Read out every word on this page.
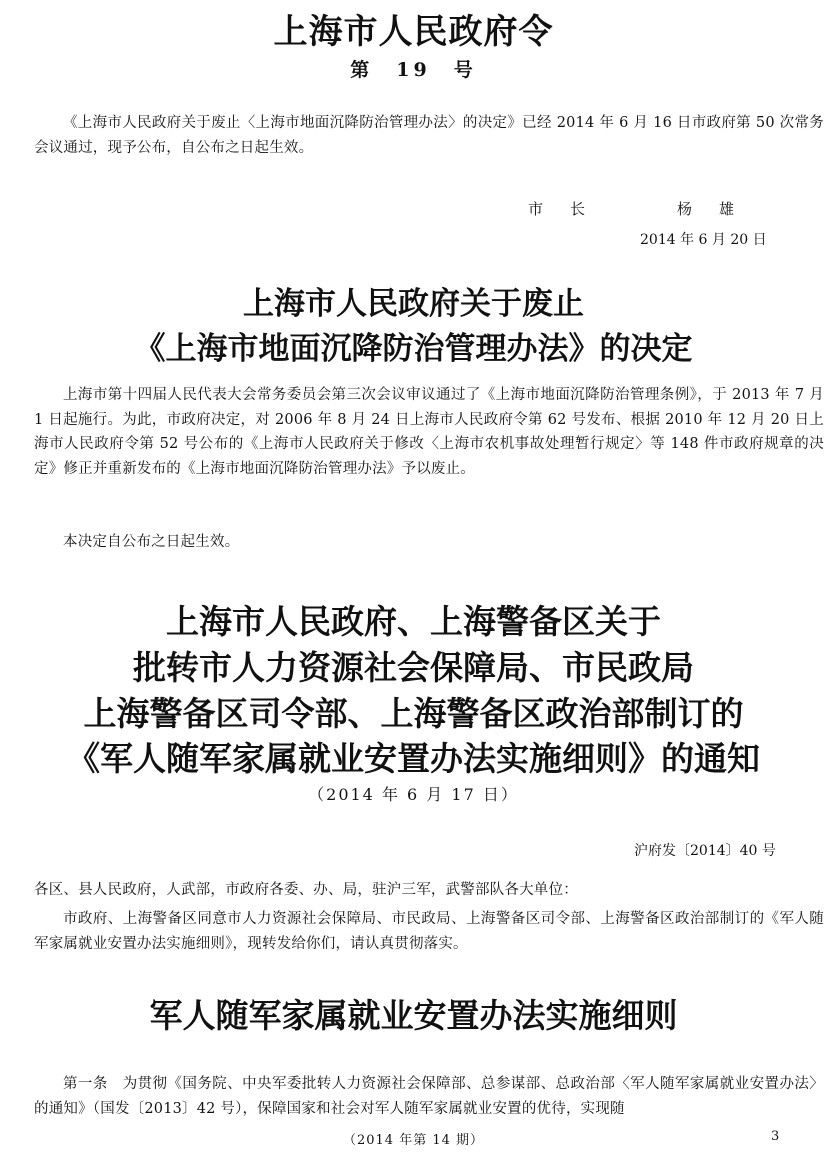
上海市人民政府令
第　19　号
《上海市人民政府关于废止〈上海市地面沉降防治管理办法〉的决定》已经 2014 年 6 月 16 日市政府第 50 次常务会议通过，现予公布，自公布之日起生效。
市　长	杨　雄
2014 年 6 月 20 日
上海市人民政府关于废止
《上海市地面沉降防治管理办法》的决定
上海市第十四届人民代表大会常务委员会第三次会议审议通过了《上海市地面沉降防治管理条例》，于 2013 年 7 月 1 日起施行。为此，市政府决定，对 2006 年 8 月 24 日上海市人民政府令第 62 号发布、根据 2010 年 12 月 20 日上海市人民政府令第 52 号公布的《上海市人民政府关于修改〈上海市农机事故处理暂行规定〉等 148 件市政府规章的决定》修正并重新发布的《上海市地面沉降防治管理办法》予以废止。
本决定自公布之日起生效。
上海市人民政府、上海警备区关于
批转市人力资源社会保障局、市民政局
上海警备区司令部、上海警备区政治部制订的
《军人随军家属就业安置办法实施细则》的通知
（2014 年 6 月 17 日）
沪府发〔2014〕40 号
各区、县人民政府，人武部，市政府各委、办、局，驻沪三军，武警部队各大单位：
市政府、上海警备区同意市人力资源社会保障局、市民政局、上海警备区司令部、上海警备区政治部制订的《军人随军家属就业安置办法实施细则》，现转发给你们，请认真贯彻落实。
军人随军家属就业安置办法实施细则
第一条　为贯彻《国务院、中央军委批转人力资源社会保障部、总参谋部、总政治部〈军人随军家属就业安置办法〉的通知》（国发〔2013〕42 号），保障国家和社会对军人随军家属就业安置的优待，实现随
（2014 年第 14 期）	3
